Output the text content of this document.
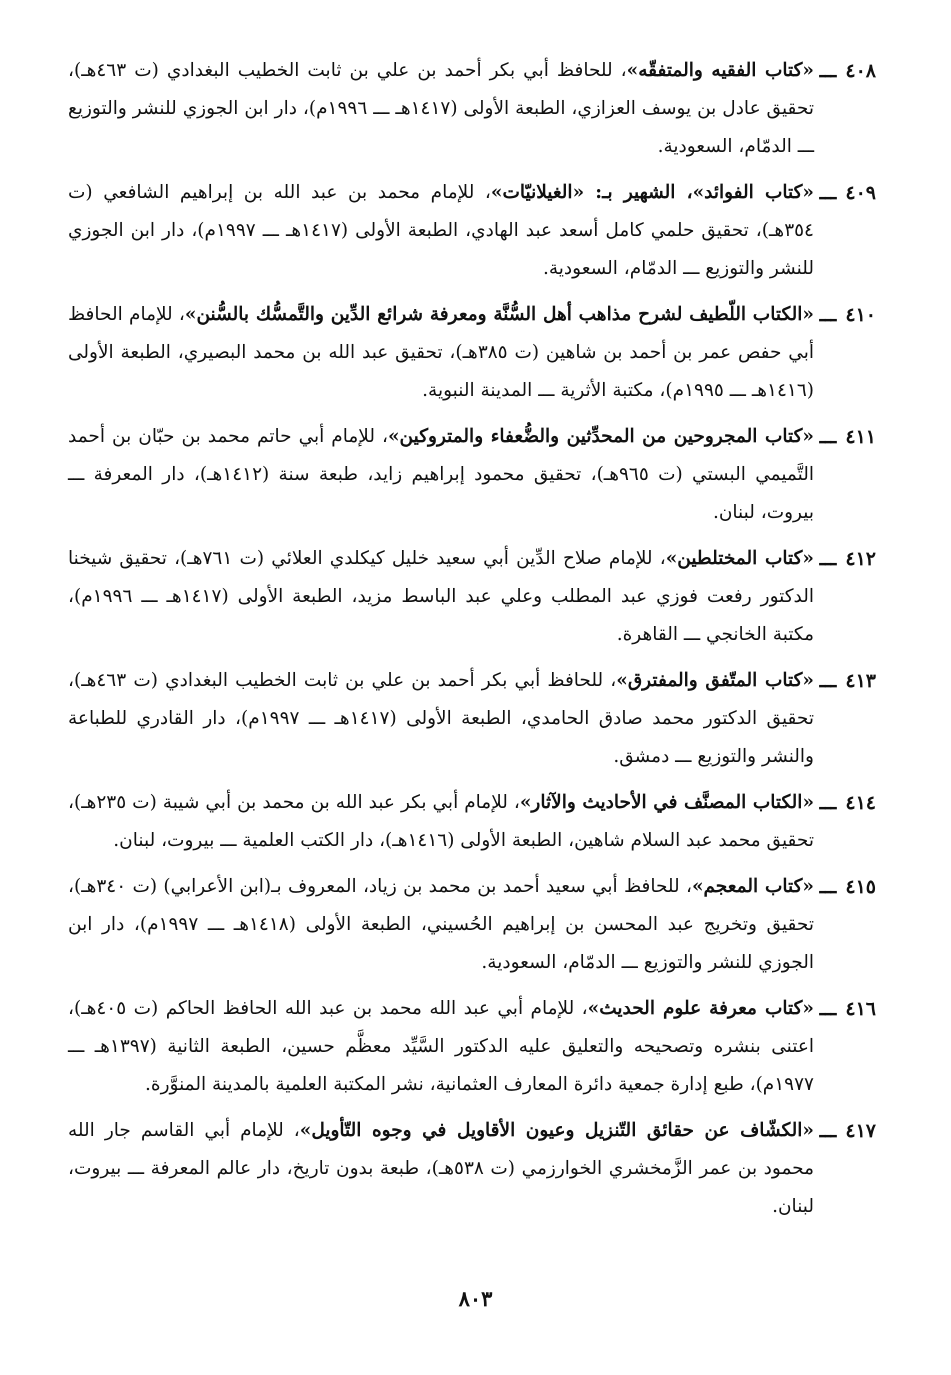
٤٠٨
ـــ
«كتاب الفقيه والمتفقّه»، للحافظ أبي بكر أحمد بن علي بن ثابت الخطيب البغدادي (ت ٤٦٣هـ)، تحقيق عادل بن يوسف العزازي، الطبعة الأولى (١٤١٧هـ ـــ ١٩٩٦م)، دار ابن الجوزي للنشر والتوزيع ـــ الدمّام، السعودية.
٤٠٩
ـــ
«كتاب الفوائد»، الشهير بـ: «الغيلانيّات»، للإمام محمد بن عبد الله بن إبراهيم الشافعي (ت ٣٥٤هـ)، تحقيق حلمي كامل أسعد عبد الهادي، الطبعة الأولى (١٤١٧هـ ـــ ١٩٩٧م)، دار ابن الجوزي للنشر والتوزيع ـــ الدمّام، السعودية.
٤١٠
ـــ
«الكتاب اللّطيف لشرح مذاهب أهل السُّنَّة ومعرفة شرائع الدِّين والتَّمسُّك بالسُّنن»، للإمام الحافظ أبي حفص عمر بن أحمد بن شاهين (ت ٣٨٥هـ)، تحقيق عبد الله بن محمد البصيري، الطبعة الأولى (١٤١٦هـ ـــ ١٩٩٥م)، مكتبة الأثرية ـــ المدينة النبوية.
٤١١
ـــ
«كتاب المجروحين من المحدِّثين والضُّعفاء والمتروكين»، للإمام أبي حاتم محمد بن حبّان بن أحمد التَّميمي البستي (ت ٩٦٥هـ)، تحقيق محمود إبراهيم زايد، طبعة سنة (١٤١٢هـ)، دار المعرفة ـــ بيروت، لبنان.
٤١٢
ـــ
«كتاب المختلطين»، للإمام صلاح الدِّين أبي سعيد خليل كيكلدي العلائي (ت ٧٦١هـ)، تحقيق شيخنا الدكتور رفعت فوزي عبد المطلب وعلي عبد الباسط مزيد، الطبعة الأولى (١٤١٧هـ ـــ ١٩٩٦م)، مكتبة الخانجي ـــ القاهرة.
٤١٣
ـــ
«كتاب المتّفق والمفترق»، للحافظ أبي بكر أحمد بن علي بن ثابت الخطيب البغدادي (ت ٤٦٣هـ)، تحقيق الدكتور محمد صادق الحامدي، الطبعة الأولى (١٤١٧هـ ـــ ١٩٩٧م)، دار القادري للطباعة والنشر والتوزيع ـــ دمشق.
٤١٤
ـــ
«الكتاب المصنَّف في الأحاديث والآثار»، للإمام أبي بكر عبد الله بن محمد بن أبي شيبة (ت ٢٣٥هـ)، تحقيق محمد عبد السلام شاهين، الطبعة الأولى (١٤١٦هـ)، دار الكتب العلمية ـــ بيروت، لبنان.
٤١٥
ـــ
«كتاب المعجم»، للحافظ أبي سعيد أحمد بن محمد بن زياد، المعروف بـ(ابن الأعرابي) (ت ٣٤٠هـ)، تحقيق وتخريج عبد المحسن بن إبراهيم الحُسيني، الطبعة الأولى (١٤١٨هـ ـــ ١٩٩٧م)، دار ابن الجوزي للنشر والتوزيع ـــ الدمّام، السعودية.
٤١٦
ـــ
«كتاب معرفة علوم الحديث»، للإمام أبي عبد الله محمد بن عبد الله الحافظ الحاكم (ت ٤٠٥هـ)، اعتنى بنشره وتصحيحه والتعليق عليه الدكتور السَّيِّد معظَّم حسين، الطبعة الثانية (١٣٩٧هـ ـــ ١٩٧٧م)، طبع إدارة جمعية دائرة المعارف العثمانية، نشر المكتبة العلمية بالمدينة المنوَّرة.
٤١٧
ـــ
«الكشّاف عن حقائق التّنزيل وعيون الأقاويل في وجوه التّأويل»، للإمام أبي القاسم جار الله محمود بن عمر الزَّمخشري الخوارزمي (ت ٥٣٨هـ)، طبعة بدون تاريخ، دار عالم المعرفة ـــ بيروت، لبنان.
٨٠٣
